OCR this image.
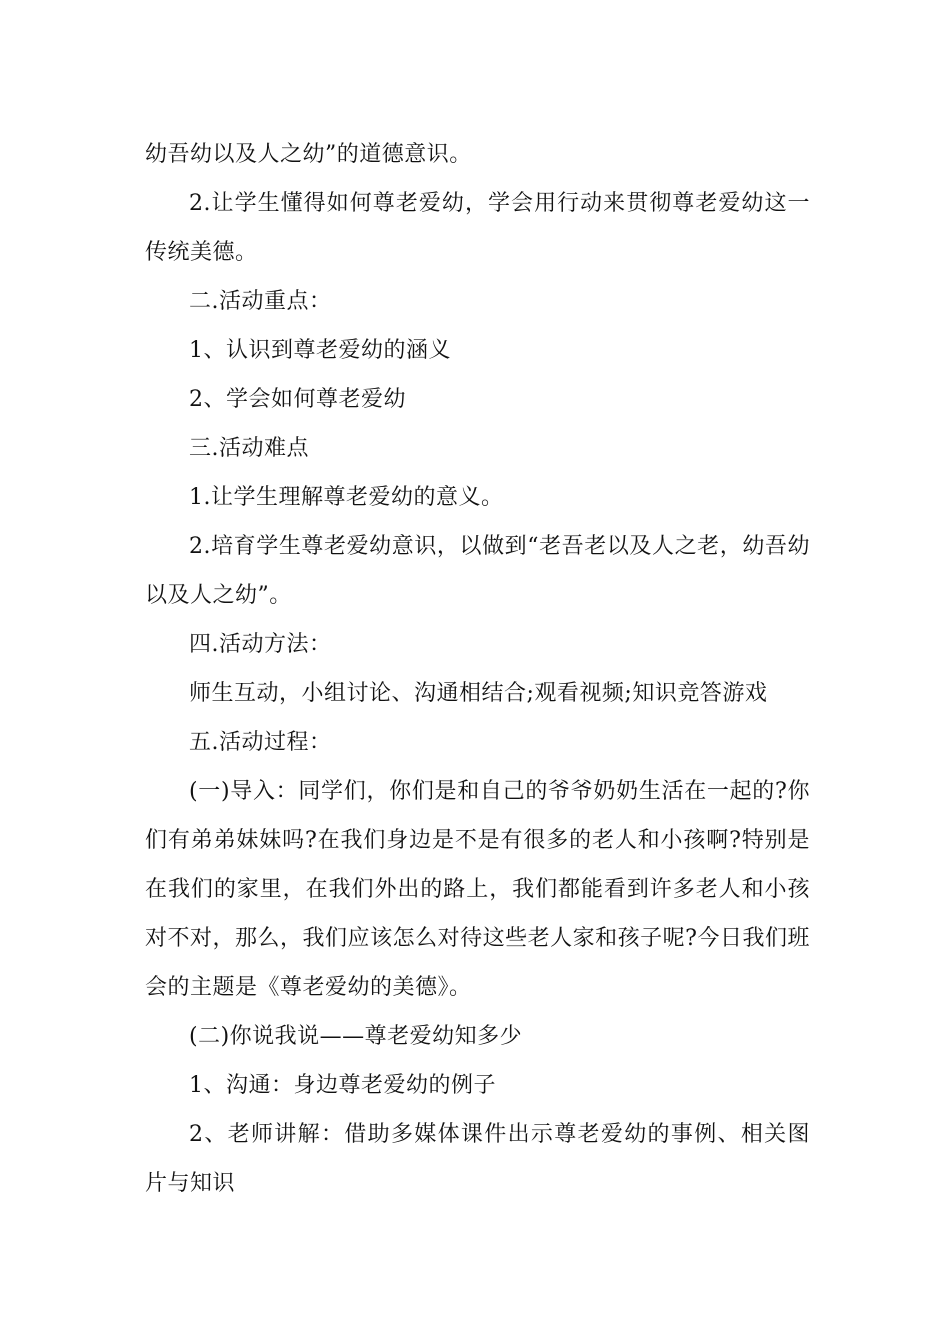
幼吾幼以及人之幼”的道德意识。

2.让学生懂得如何尊老爱幼，学会用行动来贯彻尊老爱幼这一传统美德。

二.活动重点：

1、认识到尊老爱幼的涵义

2、学会如何尊老爱幼

三.活动难点

1.让学生理解尊老爱幼的意义。

2.培育学生尊老爱幼意识，以做到“老吾老以及人之老，幼吾幼以及人之幼”。

四.活动方法：

师生互动，小组讨论、沟通相结合;观看视频;知识竞答游戏

五.活动过程：

(一)导入：同学们，你们是和自己的爷爷奶奶生活在一起的?你们有弟弟妹妹吗?在我们身边是不是有很多的老人和小孩啊?特别是在我们的家里，在我们外出的路上，我们都能看到许多老人和小孩对不对，那么，我们应该怎么对待这些老人家和孩子呢?今日我们班会的主题是《尊老爱幼的美德》。

(二)你说我说——尊老爱幼知多少

1、沟通：身边尊老爱幼的例子

2、老师讲解：借助多媒体课件出示尊老爱幼的事例、相关图片与知识
